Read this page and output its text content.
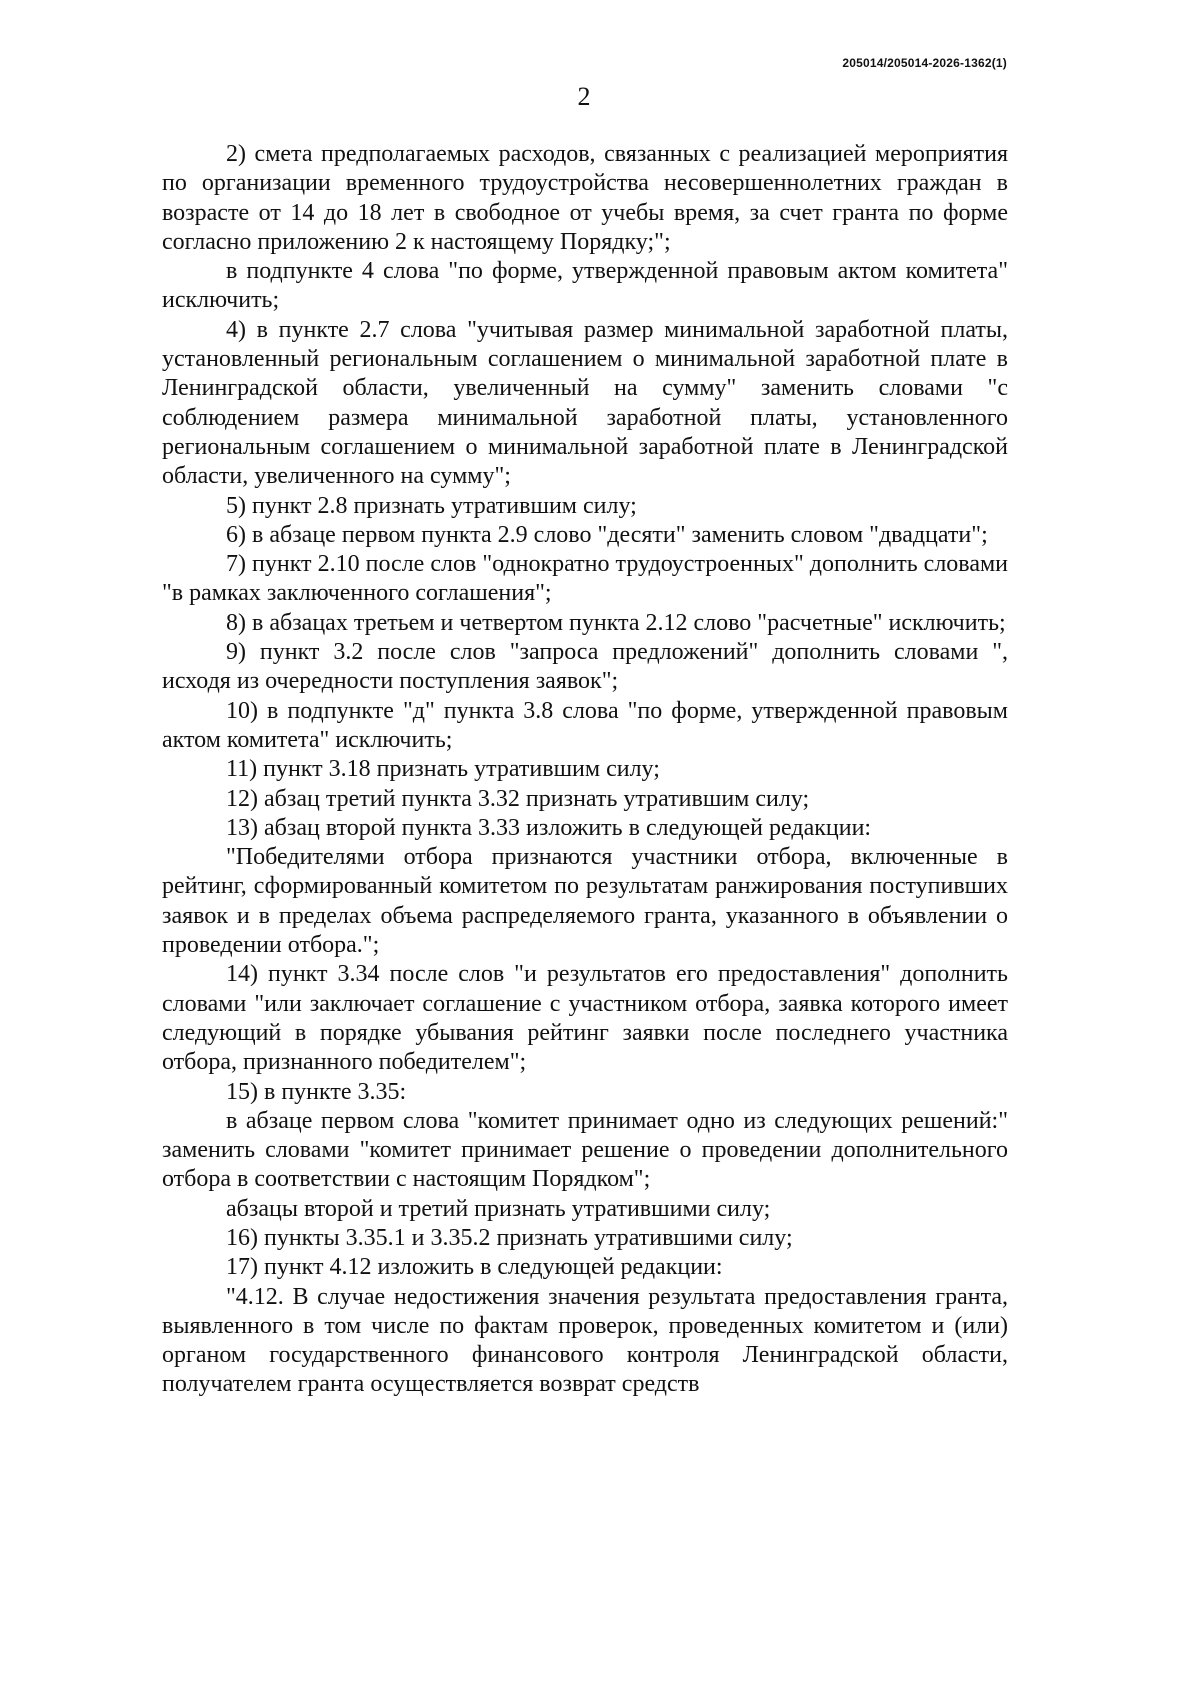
205014/205014-2026-1362(1)
2

2) смета предполагаемых расходов, связанных с реализацией мероприятия по организации временного трудоустройства несовершеннолетних граждан в возрасте от 14 до 18 лет в свободное от учебы время, за счет гранта по форме согласно приложению 2 к настоящему Порядку;";

в подпункте 4 слова "по форме, утвержденной правовым актом комитета" исключить;

4) в пункте 2.7 слова "учитывая размер минимальной заработной платы, установленный региональным соглашением о минимальной заработной плате в Ленинградской области, увеличенный на сумму" заменить словами "с соблюдением размера минимальной заработной платы, установленного региональным соглашением о минимальной заработной плате в Ленинградской области, увеличенного на сумму";

5) пункт 2.8 признать утратившим силу;

6) в абзаце первом пункта 2.9 слово "десяти" заменить словом "двадцати";

7) пункт 2.10 после слов "однократно трудоустроенных" дополнить словами "в рамках заключенного соглашения";

8) в абзацах третьем и четвертом пункта 2.12 слово "расчетные" исключить;

9) пункт 3.2 после слов "запроса предложений" дополнить словами ", исходя из очередности поступления заявок";

10) в подпункте "д" пункта 3.8 слова "по форме, утвержденной правовым актом комитета" исключить;

11) пункт 3.18 признать утратившим силу;

12) абзац третий пункта 3.32 признать утратившим силу;

13) абзац второй пункта 3.33 изложить в следующей редакции:

"Победителями отбора признаются участники отбора, включенные в рейтинг, сформированный комитетом по результатам ранжирования поступивших заявок и в пределах объема распределяемого гранта, указанного в объявлении о проведении отбора.";

14) пункт 3.34 после слов "и результатов его предоставления" дополнить словами "или заключает соглашение с участником отбора, заявка которого имеет следующий в порядке убывания рейтинг заявки после последнего участника отбора, признанного победителем";

15) в пункте 3.35:

в абзаце первом слова "комитет принимает одно из следующих решений:" заменить словами "комитет принимает решение о проведении дополнительного отбора в соответствии с настоящим Порядком";

абзацы второй и третий признать утратившими силу;

16) пункты 3.35.1 и 3.35.2 признать утратившими силу;

17) пункт 4.12 изложить в следующей редакции:

"4.12. В случае недостижения значения результата предоставления гранта, выявленного в том числе по фактам проверок, проведенных комитетом и (или) органом государственного финансового контроля Ленинградской области, получателем гранта осуществляется возврат средств
